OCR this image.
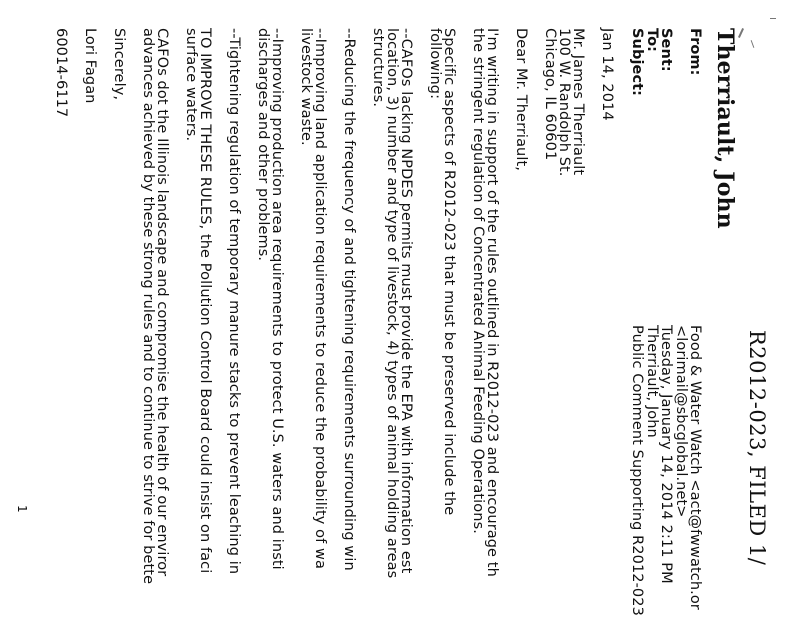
Therriault, John
R2012-023, FILED 1/
From:
Food & Water Watch <act@fwwatch.or
<lorimail@sbcglobal.net>
Sent:
Tuesday, January 14, 2014 2:11 PM
To:
Therriault, John
Subject:
Public Comment Supporting R2012-023
Jan 14, 2014
Mr. James Therriault
100 W. Randolph St.
Chicago, IL 60601
Dear Mr. Therriault,
I'm writing in support of the rules outlined in R2012-023 and encourage th
the stringent regulation of Concentrated Animal Feeding Operations.
Specific aspects of R2012-023 that must be preserved include the
following:
--CAFOs lacking NPDES permits must provide the EPA with information est
location, 3) number and type of livestock, 4) types of animal holding areas
structures.
--Reducing the frequency of and tightening requirements surrounding win
--Improving land application requirements to reduce the probability of wa
livestock waste.
--Improving production area requirements to protect U.S. waters and insti
discharges and other problems.
--Tightening regulation of temporary manure stacks to prevent leaching in
TO IMPROVE THESE RULES, the Pollution Control Board could insist on faci
surface waters.
CAFOs dot the Illinois landscape and compromise the health of our enviror
advances achieved by these strong rules and to continue to strive for bette
Sincerely,
Lori Fagan
60014-6117
1
